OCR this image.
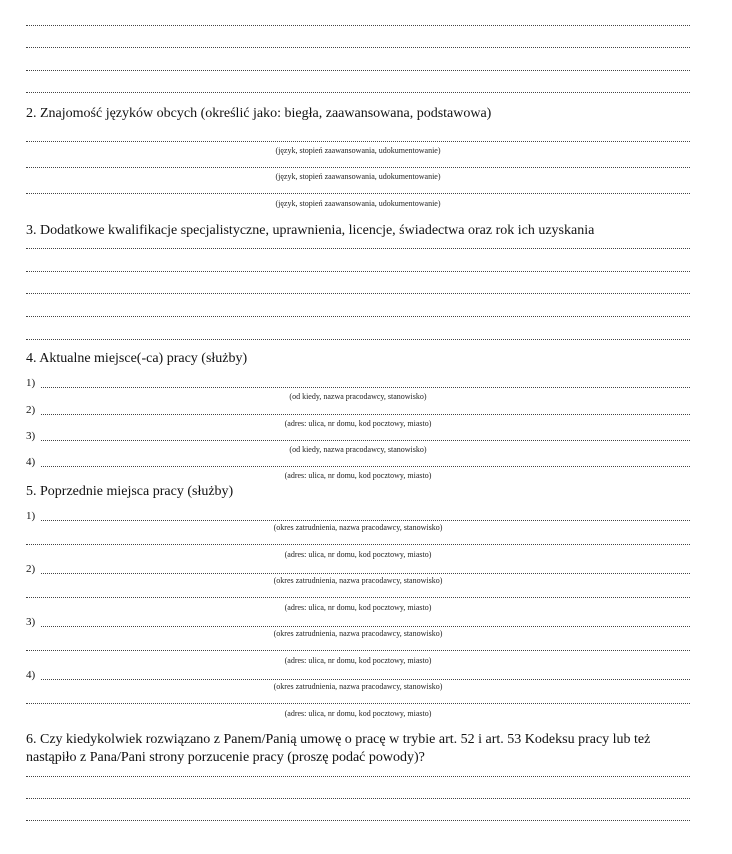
2. Znajomość języków obcych (określić jako: biegła, zaawansowana, podstawowa)
(język, stopień zaawansowania, udokumentowanie)
(język, stopień zaawansowania, udokumentowanie)
(język, stopień zaawansowania, udokumentowanie)
3. Dodatkowe kwalifikacje specjalistyczne, uprawnienia, licencje, świadectwa oraz rok ich uzyskania
4. Aktualne miejsce(-ca) pracy (służby)
1)
(od kiedy, nazwa pracodawcy, stanowisko)
2)
(adres: ulica, nr domu, kod pocztowy, miasto)
3)
(od kiedy, nazwa pracodawcy, stanowisko)
4)
(adres: ulica, nr domu, kod pocztowy, miasto)
5. Poprzednie miejsca pracy (służby)
1)
(okres zatrudnienia, nazwa pracodawcy, stanowisko)
(adres: ulica, nr domu, kod pocztowy, miasto)
2)
(okres zatrudnienia, nazwa pracodawcy, stanowisko)
(adres: ulica, nr domu, kod pocztowy, miasto)
3)
(okres zatrudnienia, nazwa pracodawcy, stanowisko)
(adres: ulica, nr domu, kod pocztowy, miasto)
4)
(okres zatrudnienia, nazwa pracodawcy, stanowisko)
(adres: ulica, nr domu, kod pocztowy, miasto)
6. Czy kiedykolwiek rozwiązano z Panem/Panią umowę o pracę w trybie art. 52 i art. 53 Kodeksu pracy lub też nastąpiło z Pana/Pani strony porzucenie pracy (proszę podać powody)?
